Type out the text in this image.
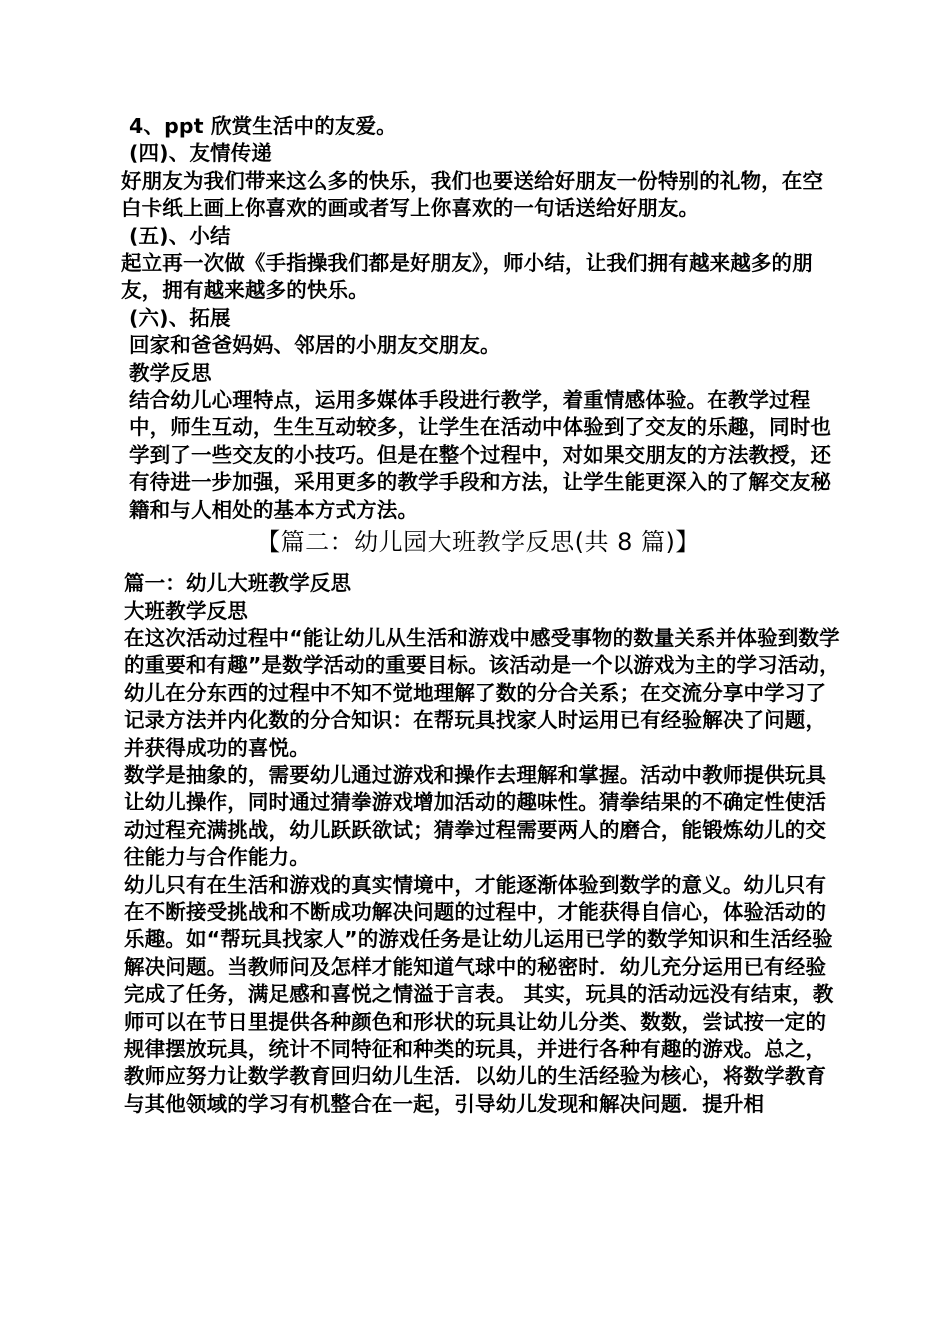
4、ppt 欣赏生活中的友爱。

(四)、友情传递

好朋友为我们带来这么多的快乐，我们也要送给好朋友一份特别的礼物，在空白卡纸上画上你喜欢的画或者写上你喜欢的一句话送给好朋友。

(五)、小结

起立再一次做《手指操我们都是好朋友》，师小结，让我们拥有越来越多的朋友，拥有越来越多的快乐。

(六)、拓展

回家和爸爸妈妈、邻居的小朋友交朋友。

教学反思

结合幼儿心理特点，运用多媒体手段进行教学，着重情感体验。在教学过程中，师生互动，生生互动较多，让学生在活动中体验到了交友的乐趣，同时也学到了一些交友的小技巧。但是在整个过程中，对如果交朋友的方法教授，还有待进一步加强，采用更多的教学手段和方法，让学生能更深入的了解交友秘籍和与人相处的基本方式方法。

【篇二：幼儿园大班教学反思(共 8 篇)】

篇一：幼儿大班教学反思

大班教学反思

在这次活动过程中“能让幼儿从生活和游戏中感受事物的数量关系并体验到数学的重要和有趣”是数学活动的重要目标。该活动是一个以游戏为主的学习活动，幼儿在分东西的过程中不知不觉地理解了数的分合关系；在交流分享中学习了记录方法并内化数的分合知识：在帮玩具找家人时运用已有经验解决了问题，并获得成功的喜悦。

数学是抽象的，需要幼儿通过游戏和操作去理解和掌握。活动中教师提供玩具让幼儿操作，同时通过猜拳游戏增加活动的趣味性。猜拳结果的不确定性使活动过程充满挑战，幼儿跃跃欲试；猜拳过程需要两人的磨合，能锻炼幼儿的交往能力与合作能力。

幼儿只有在生活和游戏的真实情境中，才能逐渐体验到数学的意义。幼儿只有在不断接受挑战和不断成功解决问题的过程中，才能获得自信心，体验活动的乐趣。如“帮玩具找家人”的游戏任务是让幼儿运用已学的数学知识和生活经验解决问题。当教师问及怎样才能知道气球中的秘密时．幼儿充分运用已有经验完成了任务，满足感和喜悦之情溢于言表。 其实，玩具的活动远没有结束，教师可以在节日里提供各种颜色和形状的玩具让幼儿分类、数数，尝试按一定的规律摆放玩具，统计不同特征和种类的玩具，并进行各种有趣的游戏。总之，教师应努力让数学教育回归幼儿生活．以幼儿的生活经验为核心，将数学教育与其他领域的学习有机整合在一起，引导幼儿发现和解决问题．提升相
